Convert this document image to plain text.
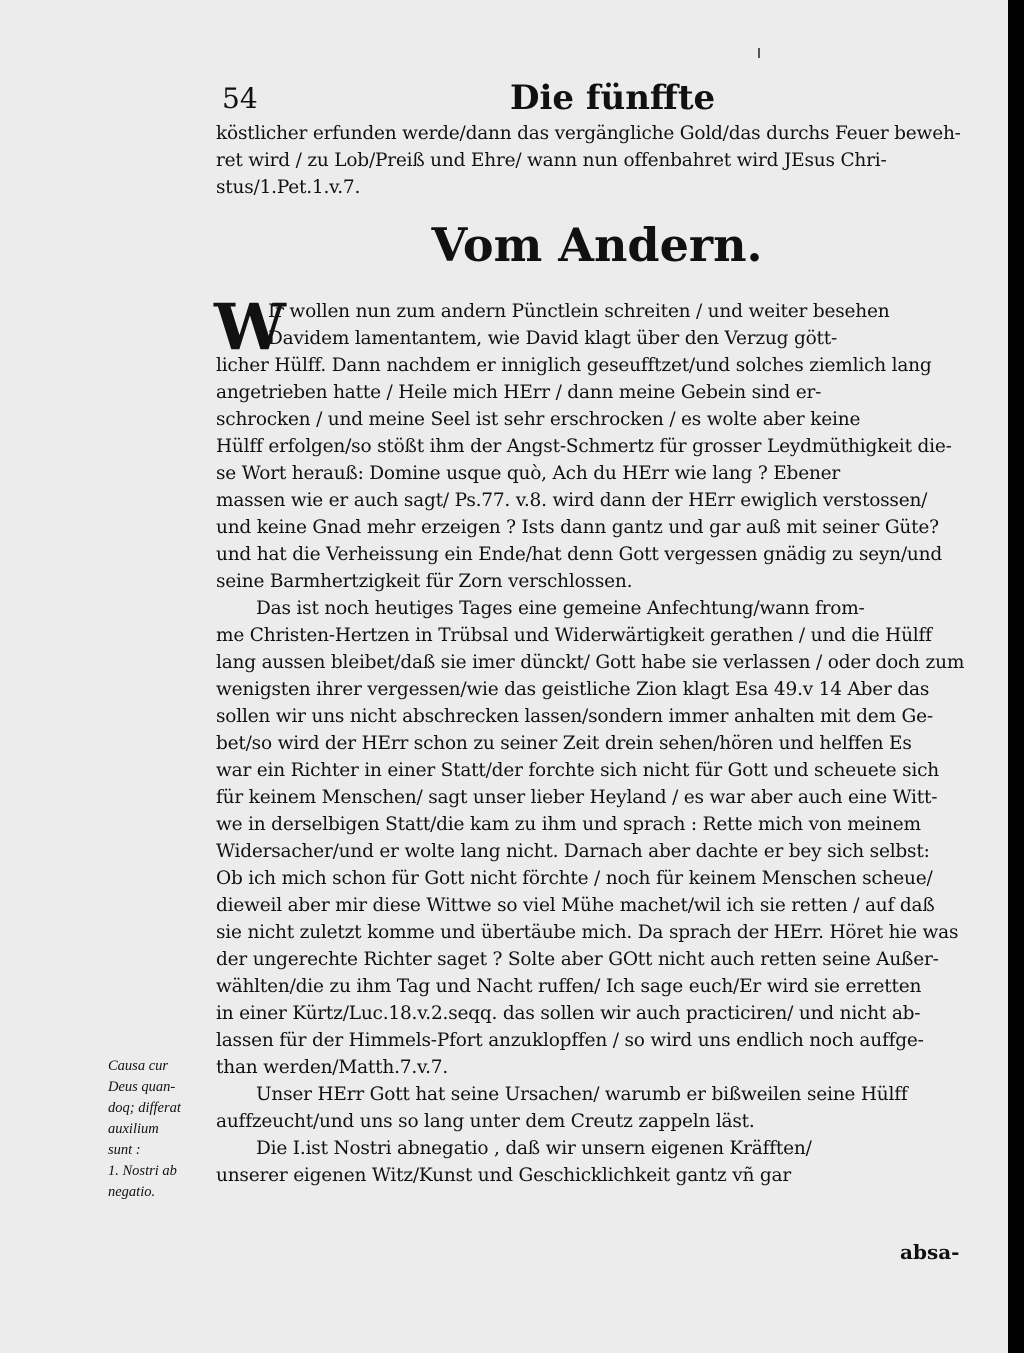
54	Die fünffte
köstlicher erfunden werde/dann das vergängliche Gold/das durchs Feuer beweh-
ret wird / zu Lob/Preiß und Ehre/ wann nun offenbahret wird JEsus Chri-
stus/1.Pet.1.v.7.
Vom Andern.
W
Ir wollen nun zum andern Pünctlein schreiten / und weiter besehen
Davidem lamentantem, wie David klagt über den Verzug gött-
licher Hülff. Dann nachdem er inniglich geseufftzet/und solches ziemlich lang
angetrieben hatte / Heile mich HErr / dann meine Gebein sind er-
schrocken / und meine Seel ist sehr erschrocken / es wolte aber keine
Hülff erfolgen/so stößt ihm der Angst-Schmertz für grosser Leydmüthigkeit die-
se Wort herauß: Domine usque quò, Ach du HErr wie lang ? Ebener
massen wie er auch sagt/ Ps.77. v.8. wird dann der HErr ewiglich verstossen/
und keine Gnad mehr erzeigen ? Ists dann gantz und gar auß mit seiner Güte?
und hat die Verheissung ein Ende/hat denn Gott vergessen gnädig zu seyn/und
seine Barmhertzigkeit für Zorn verschlossen.
Das ist noch heutiges Tages eine gemeine Anfechtung/wann from-
me Christen-Hertzen in Trübsal und Widerwärtigkeit gerathen / und die Hülff
lang aussen bleibet/daß sie imer dünckt/ Gott habe sie verlassen / oder doch zum
wenigsten ihrer vergessen/wie das geistliche Zion klagt Esa 49.v 14 Aber das
sollen wir uns nicht abschrecken lassen/sondern immer anhalten mit dem Ge-
bet/so wird der HErr schon zu seiner Zeit drein sehen/hören und helffen Es
war ein Richter in einer Statt/der forchte sich nicht für Gott und scheuete sich
für keinem Menschen/ sagt unser lieber Heyland / es war aber auch eine Witt-
we in derselbigen Statt/die kam zu ihm und sprach : Rette mich von meinem
Widersacher/und er wolte lang nicht. Darnach aber dachte er bey sich selbst:
Ob ich mich schon für Gott nicht förchte / noch für keinem Menschen scheue/
dieweil aber mir diese Wittwe so viel Mühe machet/wil ich sie retten / auf daß
sie nicht zuletzt komme und übertäube mich. Da sprach der HErr. Höret hie was
der ungerechte Richter saget ? Solte aber GOtt nicht auch retten seine Außer-
wählten/die zu ihm Tag und Nacht ruffen/ Ich sage euch/Er wird sie erretten
in einer Kürtz/Luc.18.v.2.seqq. das sollen wir auch practiciren/ und nicht ab-
lassen für der Himmels-Pfort anzuklopffen / so wird uns endlich noch auffge-
than werden/Matth.7.v.7.
Unser HErr Gott hat seine Ursachen/ warumb er bißweilen seine Hülff
auffzeucht/und uns so lang unter dem Creutz zappeln läst.
Die I.ist Nostri abnegatio , daß wir unsern eigenen Kräfften/
unserer eigenen Witz/Kunst und Geschicklichkeit gantz vñ gar
absa-
Causa cur
Deus quan-
doq; differat
auxilium
sunt :
1. Nostri ab
negatio.
